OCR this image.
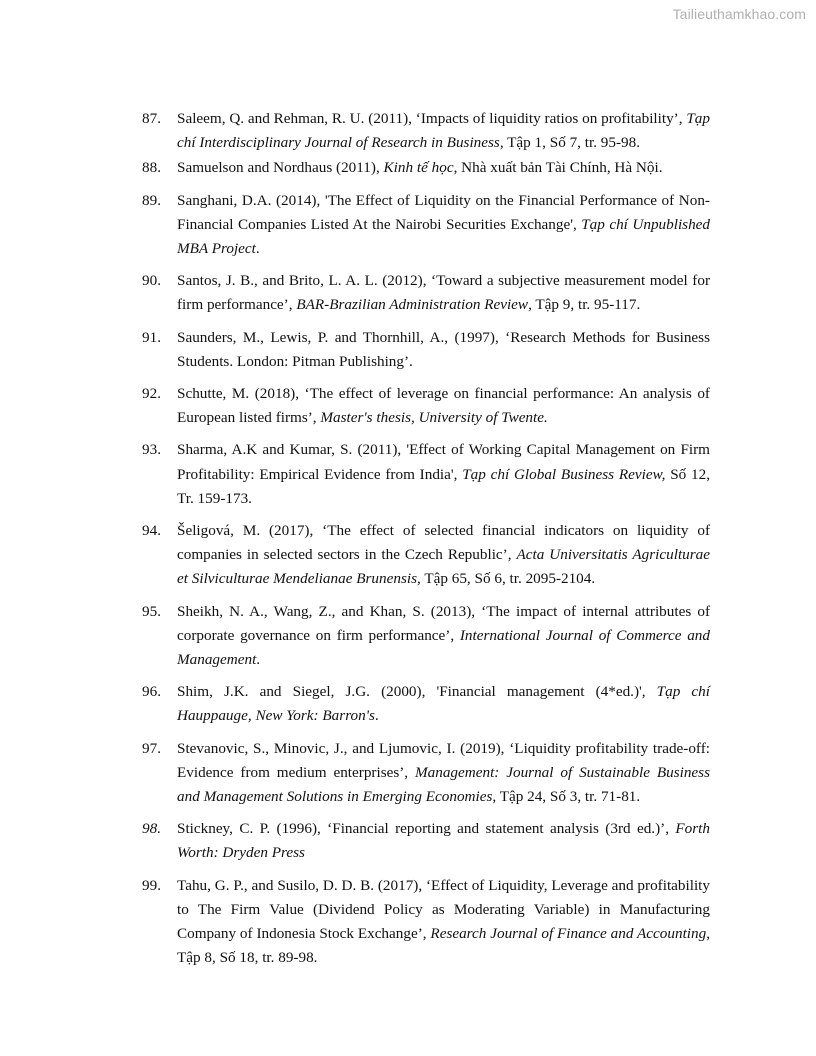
Tailieuthamkhao.com
87.	Saleem, Q. and Rehman, R. U. (2011), ‘Impacts of liquidity ratios on profitability’, Tạp chí Interdisciplinary Journal of Research in Business, Tập 1, Số 7, tr. 95-98.
88.	Samuelson and Nordhaus (2011), Kinh tế học, Nhà xuất bản Tài Chính, Hà Nội.
89.	Sanghani, D.A. (2014), 'The Effect of Liquidity on the Financial Performance of Non-Financial Companies Listed At the Nairobi Securities Exchange', Tạp chí Unpublished MBA Project.
90.	Santos, J. B., and Brito, L. A. L. (2012), ‘Toward a subjective measurement model for firm performance’, BAR-Brazilian Administration Review, Tập 9, tr. 95-117.
91.	Saunders, M., Lewis, P. and Thornhill, A., (1997), ‘Research Methods for Business Students. London: Pitman Publishing’.
92.	Schutte, M. (2018), ‘The effect of leverage on financial performance: An analysis of European listed firms’, Master's thesis, University of Twente.
93.	Sharma, A.K and Kumar, S. (2011), 'Effect of Working Capital Management on Firm Profitability: Empirical Evidence from India', Tạp chí Global Business Review, Số 12, Tr. 159-173.
94.	Šeligová, M. (2017), ‘The effect of selected financial indicators on liquidity of companies in selected sectors in the Czech Republic’, Acta Universitatis Agriculturae et Silviculturae Mendelianae Brunensis, Tập 65, Số 6, tr. 2095-2104.
95.	Sheikh, N. A., Wang, Z., and Khan, S. (2013), ‘The impact of internal attributes of corporate governance on firm performance’, International Journal of Commerce and Management.
96.	Shim, J.K. and Siegel, J.G. (2000), 'Financial management (4*ed.)', Tạp chí Hauppauge, New York: Barron's.
97.	Stevanovic, S., Minovic, J., and Ljumovic, I. (2019), ‘Liquidity profitability trade-off: Evidence from medium enterprises’, Management: Journal of Sustainable Business and Management Solutions in Emerging Economies, Tập 24, Số 3, tr. 71-81.
98.	Stickney, C. P. (1996), ‘Financial reporting and statement analysis (3rd ed.)’, Forth Worth: Dryden Press
99.	Tahu, G. P., and Susilo, D. D. B. (2017), ‘Effect of Liquidity, Leverage and profitability to The Firm Value (Dividend Policy as Moderating Variable) in Manufacturing Company of Indonesia Stock Exchange’, Research Journal of Finance and Accounting, Tập 8, Số 18, tr. 89-98.
